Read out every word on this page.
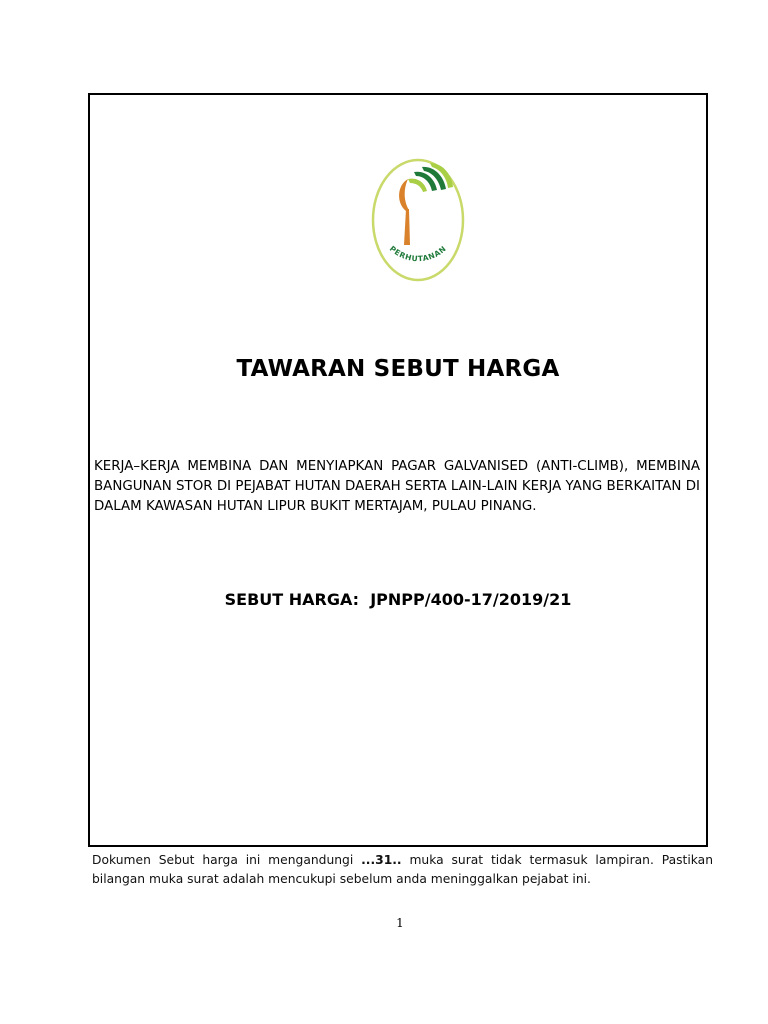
PERHUTANAN
TAWARAN SEBUT HARGA
KERJA–KERJA MEMBINA DAN MENYIAPKAN PAGAR GALVANISED (ANTI-CLIMB), MEMBINA BANGUNAN STOR DI PEJABAT HUTAN DAERAH SERTA LAIN-LAIN KERJA YANG BERKAITAN DI DALAM KAWASAN HUTAN LIPUR BUKIT MERTAJAM, PULAU PINANG.
SEBUT HARGA: JPNPP/400-17/2019/21
Dokumen Sebut harga ini mengandungi ...31.. muka surat tidak termasuk lampiran. Pastikan bilangan muka surat adalah mencukupi sebelum anda meninggalkan pejabat ini.
1
